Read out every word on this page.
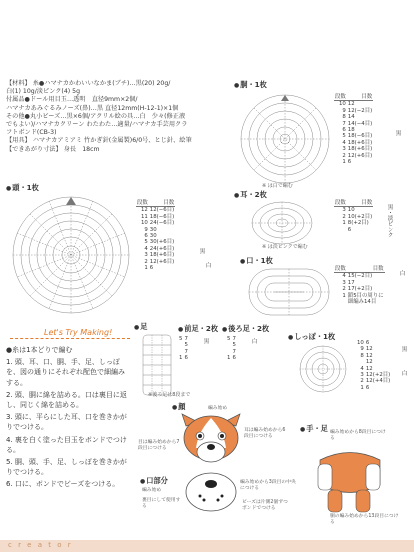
【材料】 糸●ハマナカかわいいなかま(ブチ)…黒(20) 20g/
白(1) 10g/淡ピンク(4) 5g
付属品●ドール用目玉…透明　直径9mm×2個/
ハマナカあみぐるみノーズ(鼻)…黒 直径12mm(H-12-1)×1個
その他●丸小ビーズ…黒×6個/アクリル絵の具…白　少々(修正液
でもよい)/ハマナカクリーン わたわた…適量/ハマナカ手芸用クラ
フトボンド(CB-3)
【用具】 ハマナカアミアミ 竹かぎ針(金属製)6/0号、とじ針、絵筆
【できあがり寸法】 身長　18cm
● 頭・1枚
段数	目数
12	12(−6目)
11	18(−6目)
10	24(−6目)
9	30
6	30
5	30(+6目)
4	24(+6目)
3	18(+6目)
2	12(+6目)
1	6
黒
白
● 胴・1枚
段数	目数
10	12
9	12(−2目)
8	14
7	14(−4目)
6	18
5	18(−6目)
4	18(+6目)
3	18(+6目)
2	12(+6目)
1	6
黒
※ は白で編む
● 耳・2枚
段数	目数
3	10
2	10(+2目)
1	8(+2目)
	6	黒・淡ピンク
※ は淡ピンクで編む
● 口・1枚
段数	目数
4	15(−2目)
3	17
2	17(+2目)
1	鎖5目の周りに
	細編み14目
白
Let's Try Making!
●糸は1本どりで編む
1. 頭、耳、口、胴、手、足、しっぽを、図の通りにそれぞれ配色で細編みする。
2. 頭、胴に綿を詰める。口は裏目に返し、同じく綿を詰める。
3. 頭に、平らにした耳、口を巻きかがりでつける。
4. 裏を白く塗った目玉をボンドでつける。
5. 胴、頭、手、足、しっぽを巻きかがりでつける。
6. 口に、ボンドでビーズをつける。
● 足	● 前足・2枚
5	7
	5
	7
1	6
黒
● 後ろ足・2枚
5	7
	5
	7
1	6
白
※後ろ足は8段まで
● しっぽ・1枚
10	6
9	12
8	12
	12
4	12
3	12(+2目)
2	12(+4目)
1	6
黒
白
● 顔	編み始め
目は編み始めから7段目につける
耳は編み始めから6段目につける
● 口部分
編み始め
裏目にして使用する
ビーズは片側2個ずつボンドでつける
編み始めから3段目の中央につける
● 手・足 編み始めから8段目につける
胴の編み始めから13段目につける
c r e a t o r
